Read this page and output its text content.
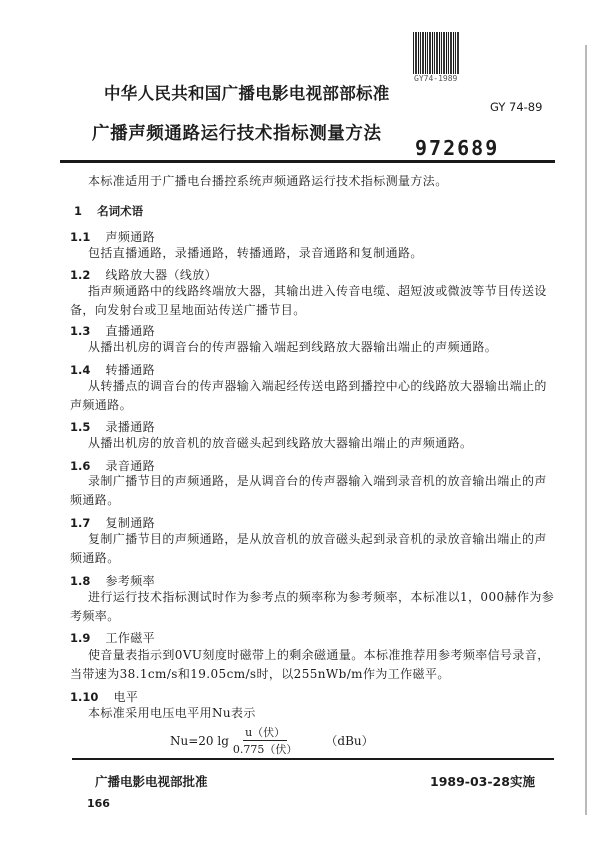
GY74-1989
中华人民共和国广播电影电视部部标准
GY 74-89
广播声频通路运行技术指标测量方法
972689
本标准适用于广播电台播控系统声频通路运行技术指标测量方法。
1 名词术语
1.1 声频通路
包括直播通路，录播通路，转播通路，录音通路和复制通路。
1.2 线路放大器（线放）
指声频通路中的线路终端放大器，其输出进入传音电缆、超短波或微波等节目传送设
备，向发射台或卫星地面站传送广播节目。
1.3 直播通路
从播出机房的调音台的传声器输入端起到线路放大器输出端止的声频通路。
1.4 转播通路
从转播点的调音台的传声器输入端起经传送电路到播控中心的线路放大器输出端止的
声频通路。
1.5 录播通路
从播出机房的放音机的放音磁头起到线路放大器输出端止的声频通路。
1.6 录音通路
录制广播节目的声频通路，是从调音台的传声器输入端到录音机的放音输出端止的声
频通路。
1.7 复制通路
复制广播节目的声频通路，是从放音机的放音磁头起到录音机的录放音输出端止的声
频通路。
1.8 参考频率
进行运行技术指标测试时作为参考点的频率称为参考频率，本标准以1，000赫作为参
考频率。
1.9 工作磁平
使音量表指示到0VU刻度时磁带上的剩余磁通量。本标准推荐用参考频率信号录音，
当带速为38.1cm/s和19.05cm/s时，以255nWb/m作为工作磁平。
1.10 电平
本标准采用电压电平用Nu表示
Nu=20 $\lg \frac{\text{u（伏）}}{\text{0.775（伏）}} (dBu)$
广播电影电视部批准	1989-03-28实施
166
